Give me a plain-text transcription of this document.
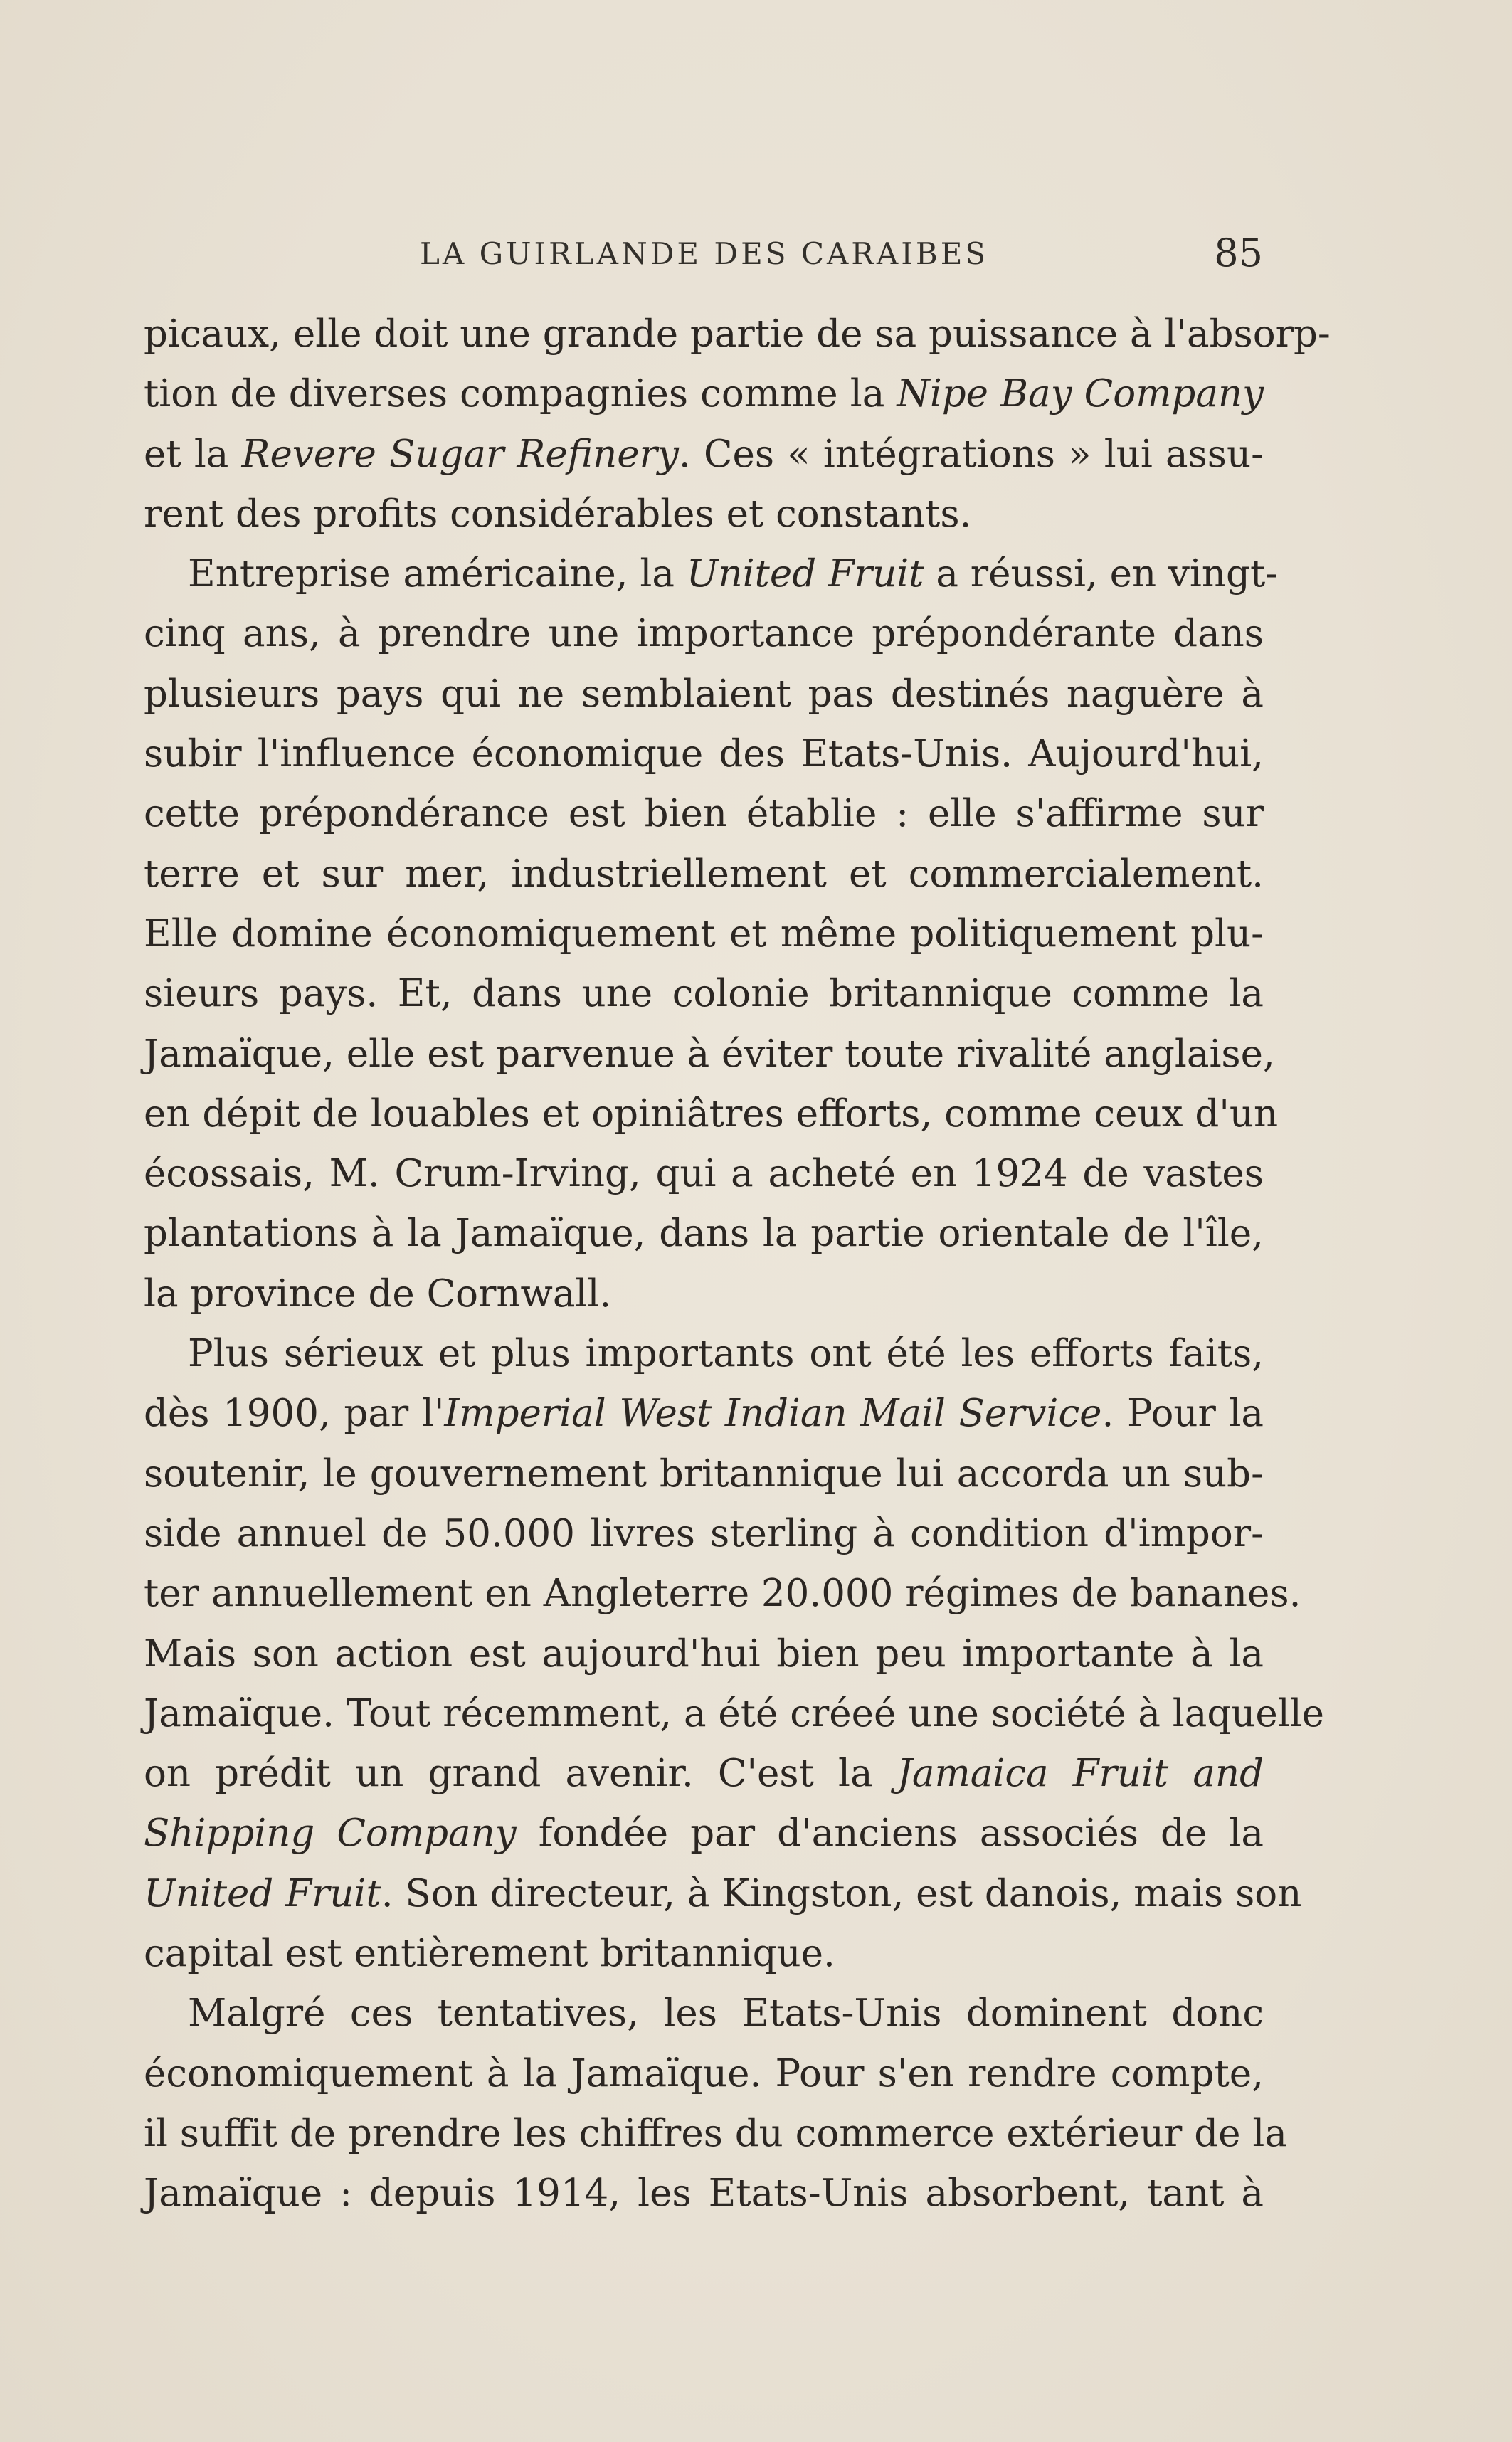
LA GUIRLANDE DES CARAIBES	85
picaux, elle doit une grande partie de sa puissance à l'absorp-
tion de diverses compagnies comme la Nipe Bay Company
et la Revere Sugar Refinery. Ces « intégrations » lui assu-
rent des profits considérables et constants.
Entreprise américaine, la United Fruit a réussi, en vingt-
cinq ans, à prendre une importance prépondérante dans
plusieurs pays qui ne semblaient pas destinés naguère à
subir l'influence économique des Etats-Unis. Aujourd'hui,
cette prépondérance est bien établie : elle s'affirme sur
terre et sur mer, industriellement et commercialement.
Elle domine économiquement et même politiquement plu-
sieurs pays. Et, dans une colonie britannique comme la
Jamaïque, elle est parvenue à éviter toute rivalité anglaise,
en dépit de louables et opiniâtres efforts, comme ceux d'un
écossais, M. Crum-Irving, qui a acheté en 1924 de vastes
plantations à la Jamaïque, dans la partie orientale de l'île,
la province de Cornwall.
Plus sérieux et plus importants ont été les efforts faits,
dès 1900, par l'Imperial West Indian Mail Service. Pour la
soutenir, le gouvernement britannique lui accorda un sub-
side annuel de 50.000 livres sterling à condition d'impor-
ter annuellement en Angleterre 20.000 régimes de bananes.
Mais son action est aujourd'hui bien peu importante à la
Jamaïque. Tout récemment, a été créeé une société à laquelle
on prédit un grand avenir. C'est la Jamaica Fruit and
Shipping Company fondée par d'anciens associés de la
United Fruit. Son directeur, à Kingston, est danois, mais son
capital est entièrement britannique.
Malgré ces tentatives, les Etats-Unis dominent donc
économiquement à la Jamaïque. Pour s'en rendre compte,
il suffit de prendre les chiffres du commerce extérieur de la
Jamaïque : depuis 1914, les Etats-Unis absorbent, tant à
